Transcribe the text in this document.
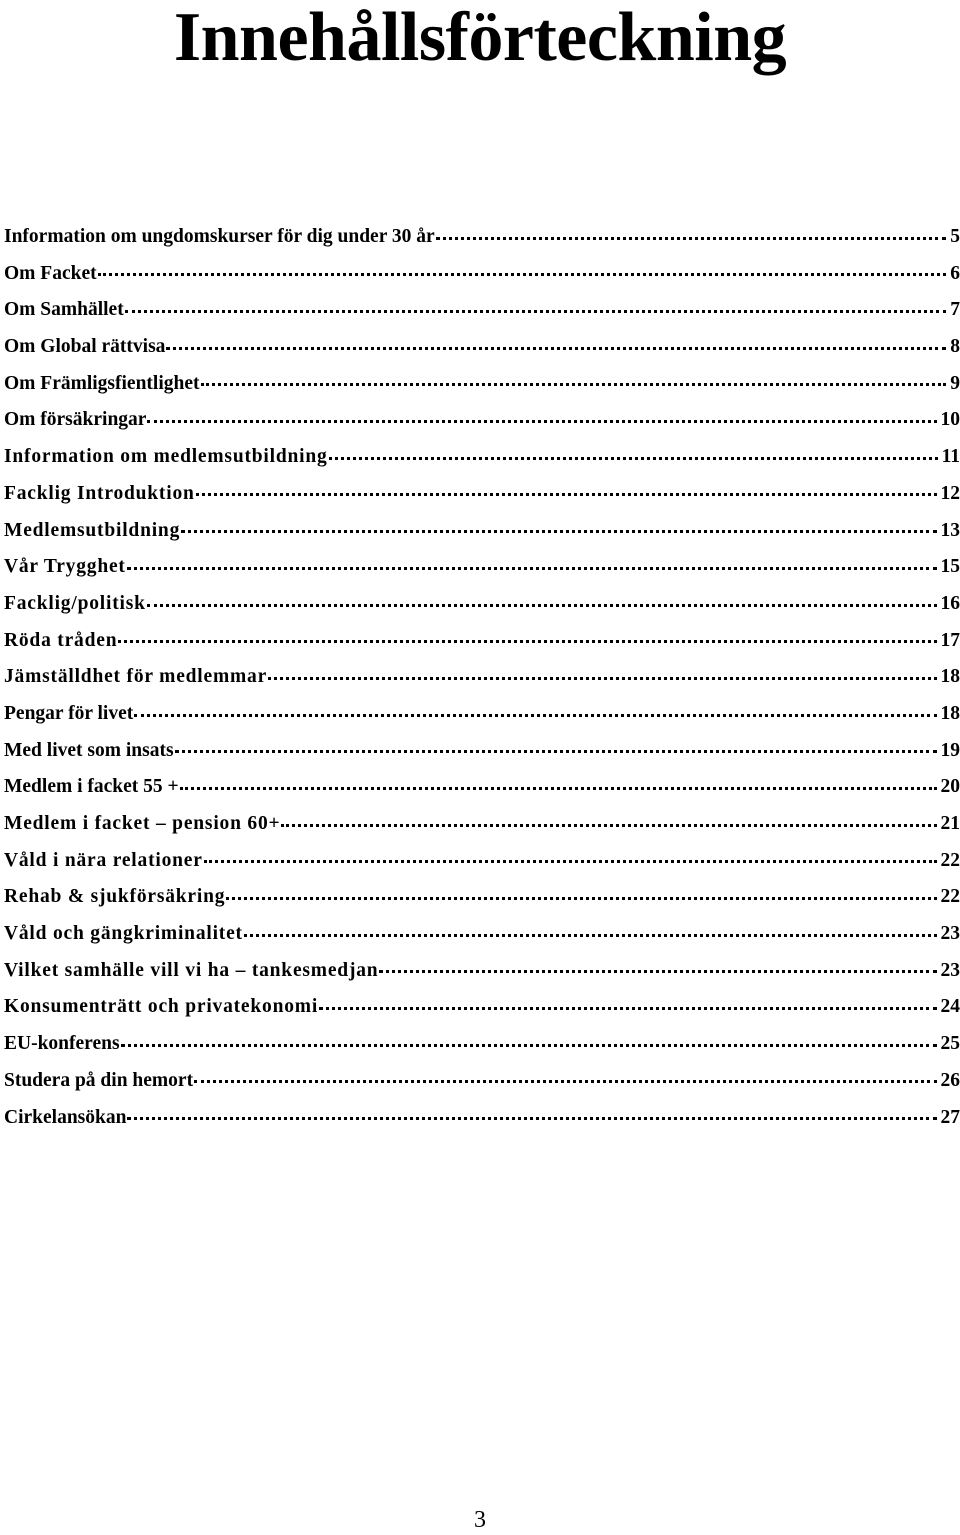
Innehållsförteckning
Information om ungdomskurser för dig under 30 år	5
Om Facket	6
Om Samhället	7
Om Global rättvisa	8
Om Främligsfientlighet	9
Om försäkringar	10
Information om medlemsutbildning	11
Facklig Introduktion	12
Medlemsutbildning	13
Vår Trygghet	15
Facklig/politisk	16
Röda tråden	17
Jämställdhet för medlemmar	18
Pengar för livet	18
Med livet som insats	19
Medlem i facket 55 +	20
Medlem i facket – pension 60+	21
Våld i nära relationer	22
Rehab & sjukförsäkring	22
Våld och gängkriminalitet	23
Vilket samhälle vill vi ha – tankesmedjan	23
Konsumenträtt och privatekonomi	24
EU-konferens	25
Studera på din hemort	26
Cirkelansökan	27
3
